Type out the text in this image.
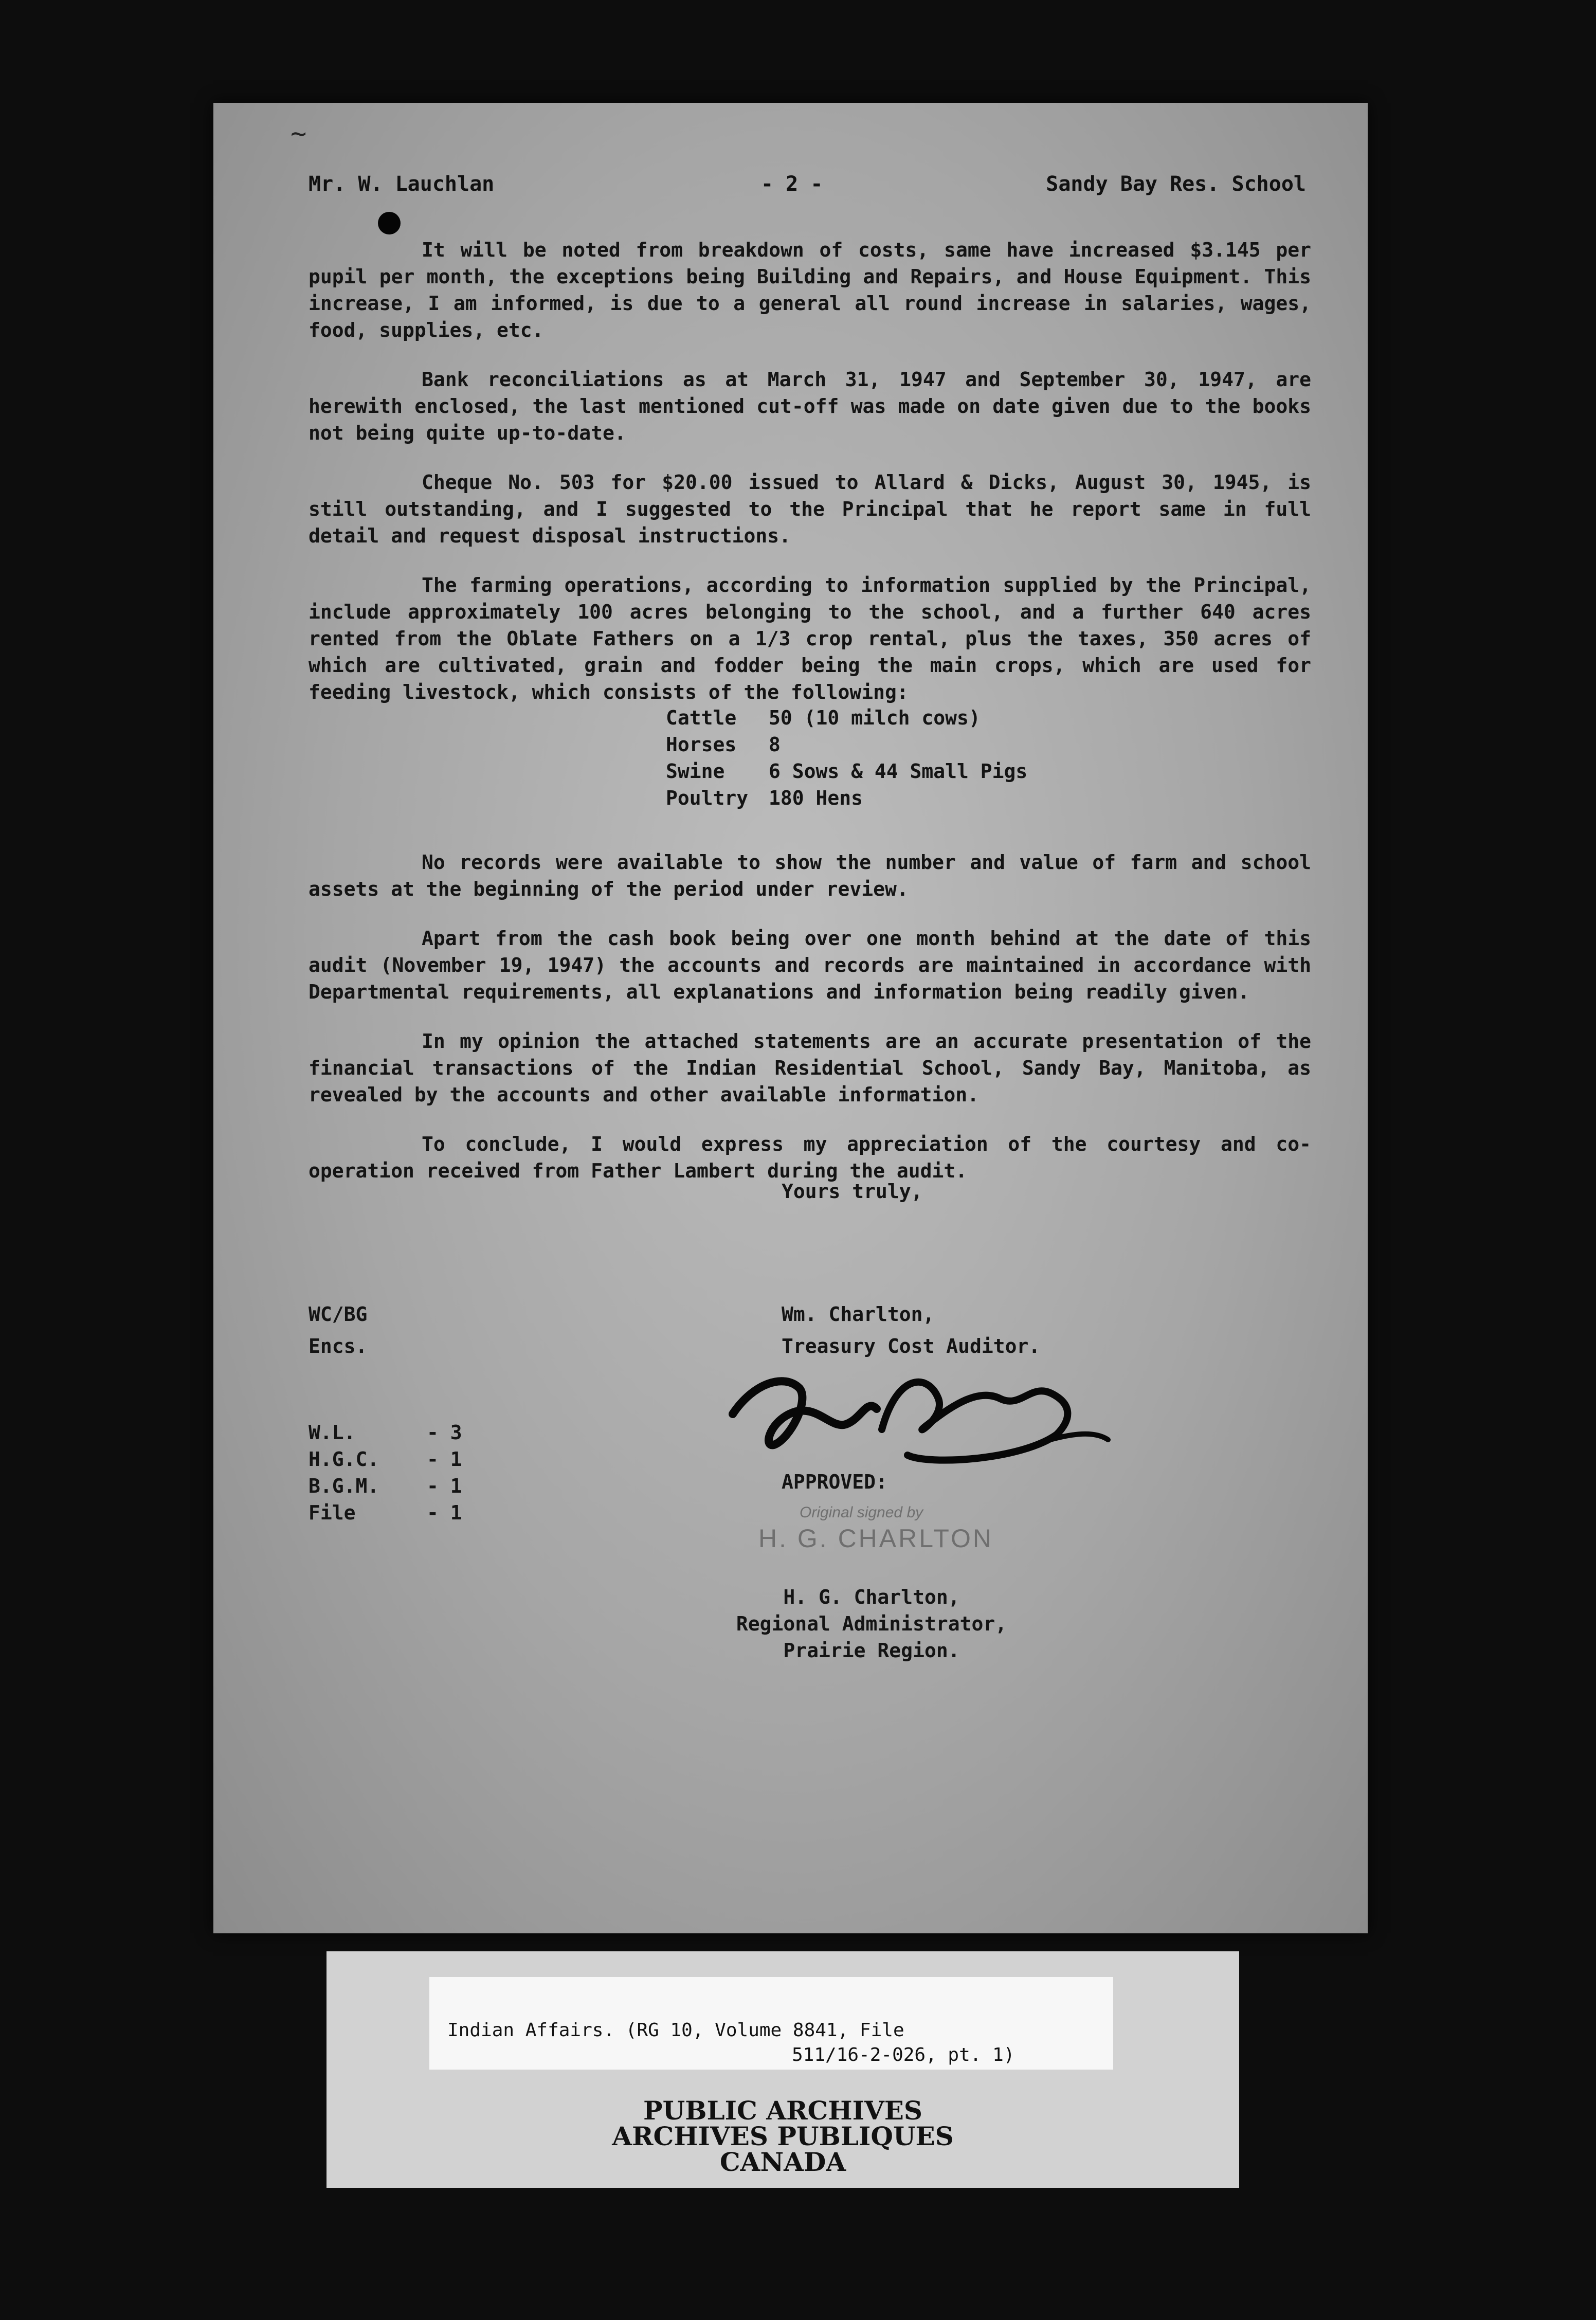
~
Mr. W. Lauchlan	- 2 -	Sandy Bay Res. School

It will be noted from breakdown of costs, same have increased $3.145 per pupil per month, the exceptions being Building and Repairs, and House Equipment. This increase, I am informed, is due to a general all round increase in salaries, wages, food, supplies, etc.

Bank reconciliations as at March 31, 1947 and September 30, 1947, are herewith enclosed, the last mentioned cut-off was made on date given due to the books not being quite up-to-date.

Cheque No. 503 for $20.00 issued to Allard & Dicks, August 30, 1945, is still outstanding, and I suggested to the Principal that he report same in full detail and request disposal instructions.

The farming operations, according to information supplied by the Principal, include approximately 100 acres belonging to the school, and a further 640 acres rented from the Oblate Fathers on a 1/3 crop rental, plus the taxes, 350 acres of which are cultivated, grain and fodder being the main crops, which are used for feeding livestock, which consists of the following:

No records were available to show the number and value of farm and school assets at the beginning of the period under review.

Apart from the cash book being over one month behind at the date of this audit (November 19, 1947) the accounts and records are maintained in accordance with Departmental requirements, all explanations and information being readily given.

In my opinion the attached statements are an accurate presentation of the financial transactions of the Indian Residential School, Sandy Bay, Manitoba, as revealed by the accounts and other available information.

To conclude, I would express my appreciation of the courtesy and co-operation received from Father Lambert during the audit.

Cattle 50 (10 milch cows)
Horses 8
Swine 6 Sows & 44 Small Pigs
Poultry 180 Hens
Yours truly,
WC/BG
Encs.
Wm. Charlton,
Treasury Cost Auditor.
W.L.	- 3
H.G.C. - 1
B.G.M. - 1
File	- 1
APPROVED:
Original signed by
H. G. CHARLTON
H. G. Charlton,
Regional Administrator,
Prairie Region.
Indian Affairs. (RG 10, Volume 8841, File
511/16-2-026, pt. 1)
PUBLIC ARCHIVES
ARCHIVES PUBLIQUES
CANADA
